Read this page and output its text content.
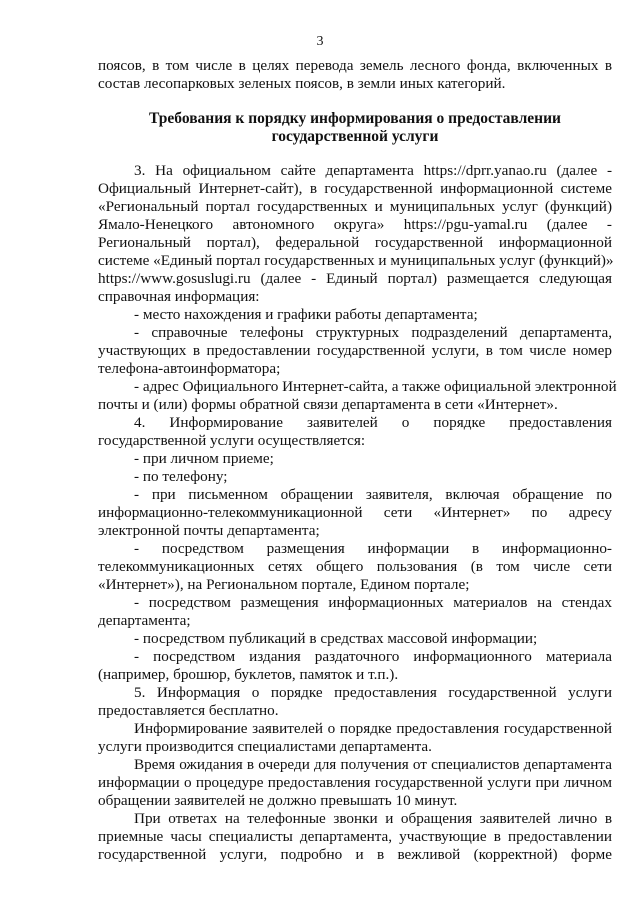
3
поясов, в том числе в целях перевода земель лесного фонда, включенных в
состав лесопарковых зеленых поясов, в земли иных категорий.
Требования к порядку информирования о предоставлении
государственной услуги
3. На официальном сайте департамента https://dprr.yanao.ru (далее -
Официальный Интернет-сайт), в государственной информационной системе
«Региональный портал государственных и муниципальных услуг (функций)
Ямало-Ненецкого автономного округа» https://pgu-yamal.ru (далее -
Региональный портал), федеральной государственной информационной
системе «Единый портал государственных и муниципальных услуг (функций)»
https://www.gosuslugi.ru (далее - Единый портал) размещается следующая
справочная информация:
- место нахождения и графики работы департамента;
- справочные телефоны структурных подразделений департамента,
участвующих в предоставлении государственной услуги, в том числе номер
телефона-автоинформатора;
- адрес Официального Интернет-сайта, а также официальной электронной
почты и (или) формы обратной связи департамента в сети «Интернет».
4. Информирование заявителей о порядке предоставления
государственной услуги осуществляется:
- при личном приеме;
- по телефону;
- при письменном обращении заявителя, включая обращение по
информационно-телекоммуникационной сети «Интернет» по адресу
электронной почты департамента;
- посредством размещения информации в информационно-
телекоммуникационных сетях общего пользования (в том числе сети
«Интернет»), на Региональном портале, Едином портале;
- посредством размещения информационных материалов на стендах
департамента;
- посредством публикаций в средствах массовой информации;
- посредством издания раздаточного информационного материала
(например, брошюр, буклетов, памяток и т.п.).
5. Информация о порядке предоставления государственной услуги
предоставляется бесплатно.
Информирование заявителей о порядке предоставления государственной
услуги производится специалистами департамента.
Время ожидания в очереди для получения от специалистов департамента
информации о процедуре предоставления государственной услуги при личном
обращении заявителей не должно превышать 10 минут.
При ответах на телефонные звонки и обращения заявителей лично в
приемные часы специалисты департамента, участвующие в предоставлении
государственной услуги, подробно и в вежливой (корректной) форме
